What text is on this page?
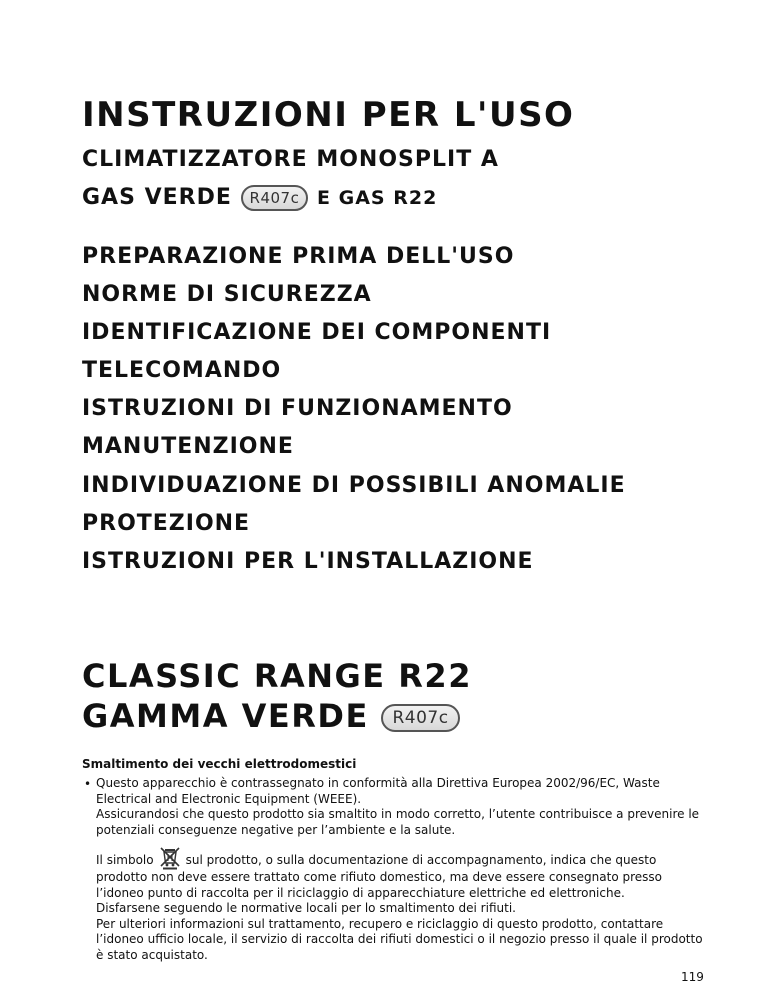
INSTRUZIONI PER L'USO
CLIMATIZZATORE MONOSPLIT A
GAS VERDE R407c E GAS R22
PREPARAZIONE PRIMA DELL'USO
NORME DI SICUREZZA
IDENTIFICAZIONE DEI COMPONENTI
TELECOMANDO
ISTRUZIONI DI FUNZIONAMENTO
MANUTENZIONE
INDIVIDUAZIONE DI POSSIBILI ANOMALIE
PROTEZIONE
ISTRUZIONI PER L'INSTALLAZIONE
CLASSIC RANGE R22
GAMMA VERDE R407c
Smaltimento dei vecchi elettrodomestici
• Questo apparecchio è contrassegnato in conformità alla Direttiva Europea 2002/96/EC, Waste Electrical and Electronic Equipment (WEEE).

Assicurandosi che questo prodotto sia smaltito in modo corretto, l’utente contribuisce a prevenire le potenziali conseguenze negative per l’ambiente e la salute.

Il simbolo	sul prodotto, o sulla documentazione di accompagnamento, indica che questo prodotto non deve essere trattato come rifiuto domestico, ma deve essere consegnato presso l’idoneo punto di raccolta per il riciclaggio di apparecchiature elettriche ed elettroniche.

Disfarsene seguendo le normative locali per lo smaltimento dei rifiuti.

Per ulteriori informazioni sul trattamento, recupero e riciclaggio di questo prodotto, contattare l’idoneo ufficio locale, il servizio di raccolta dei rifiuti domestici o il negozio presso il quale il prodotto è stato acquistato.

119
